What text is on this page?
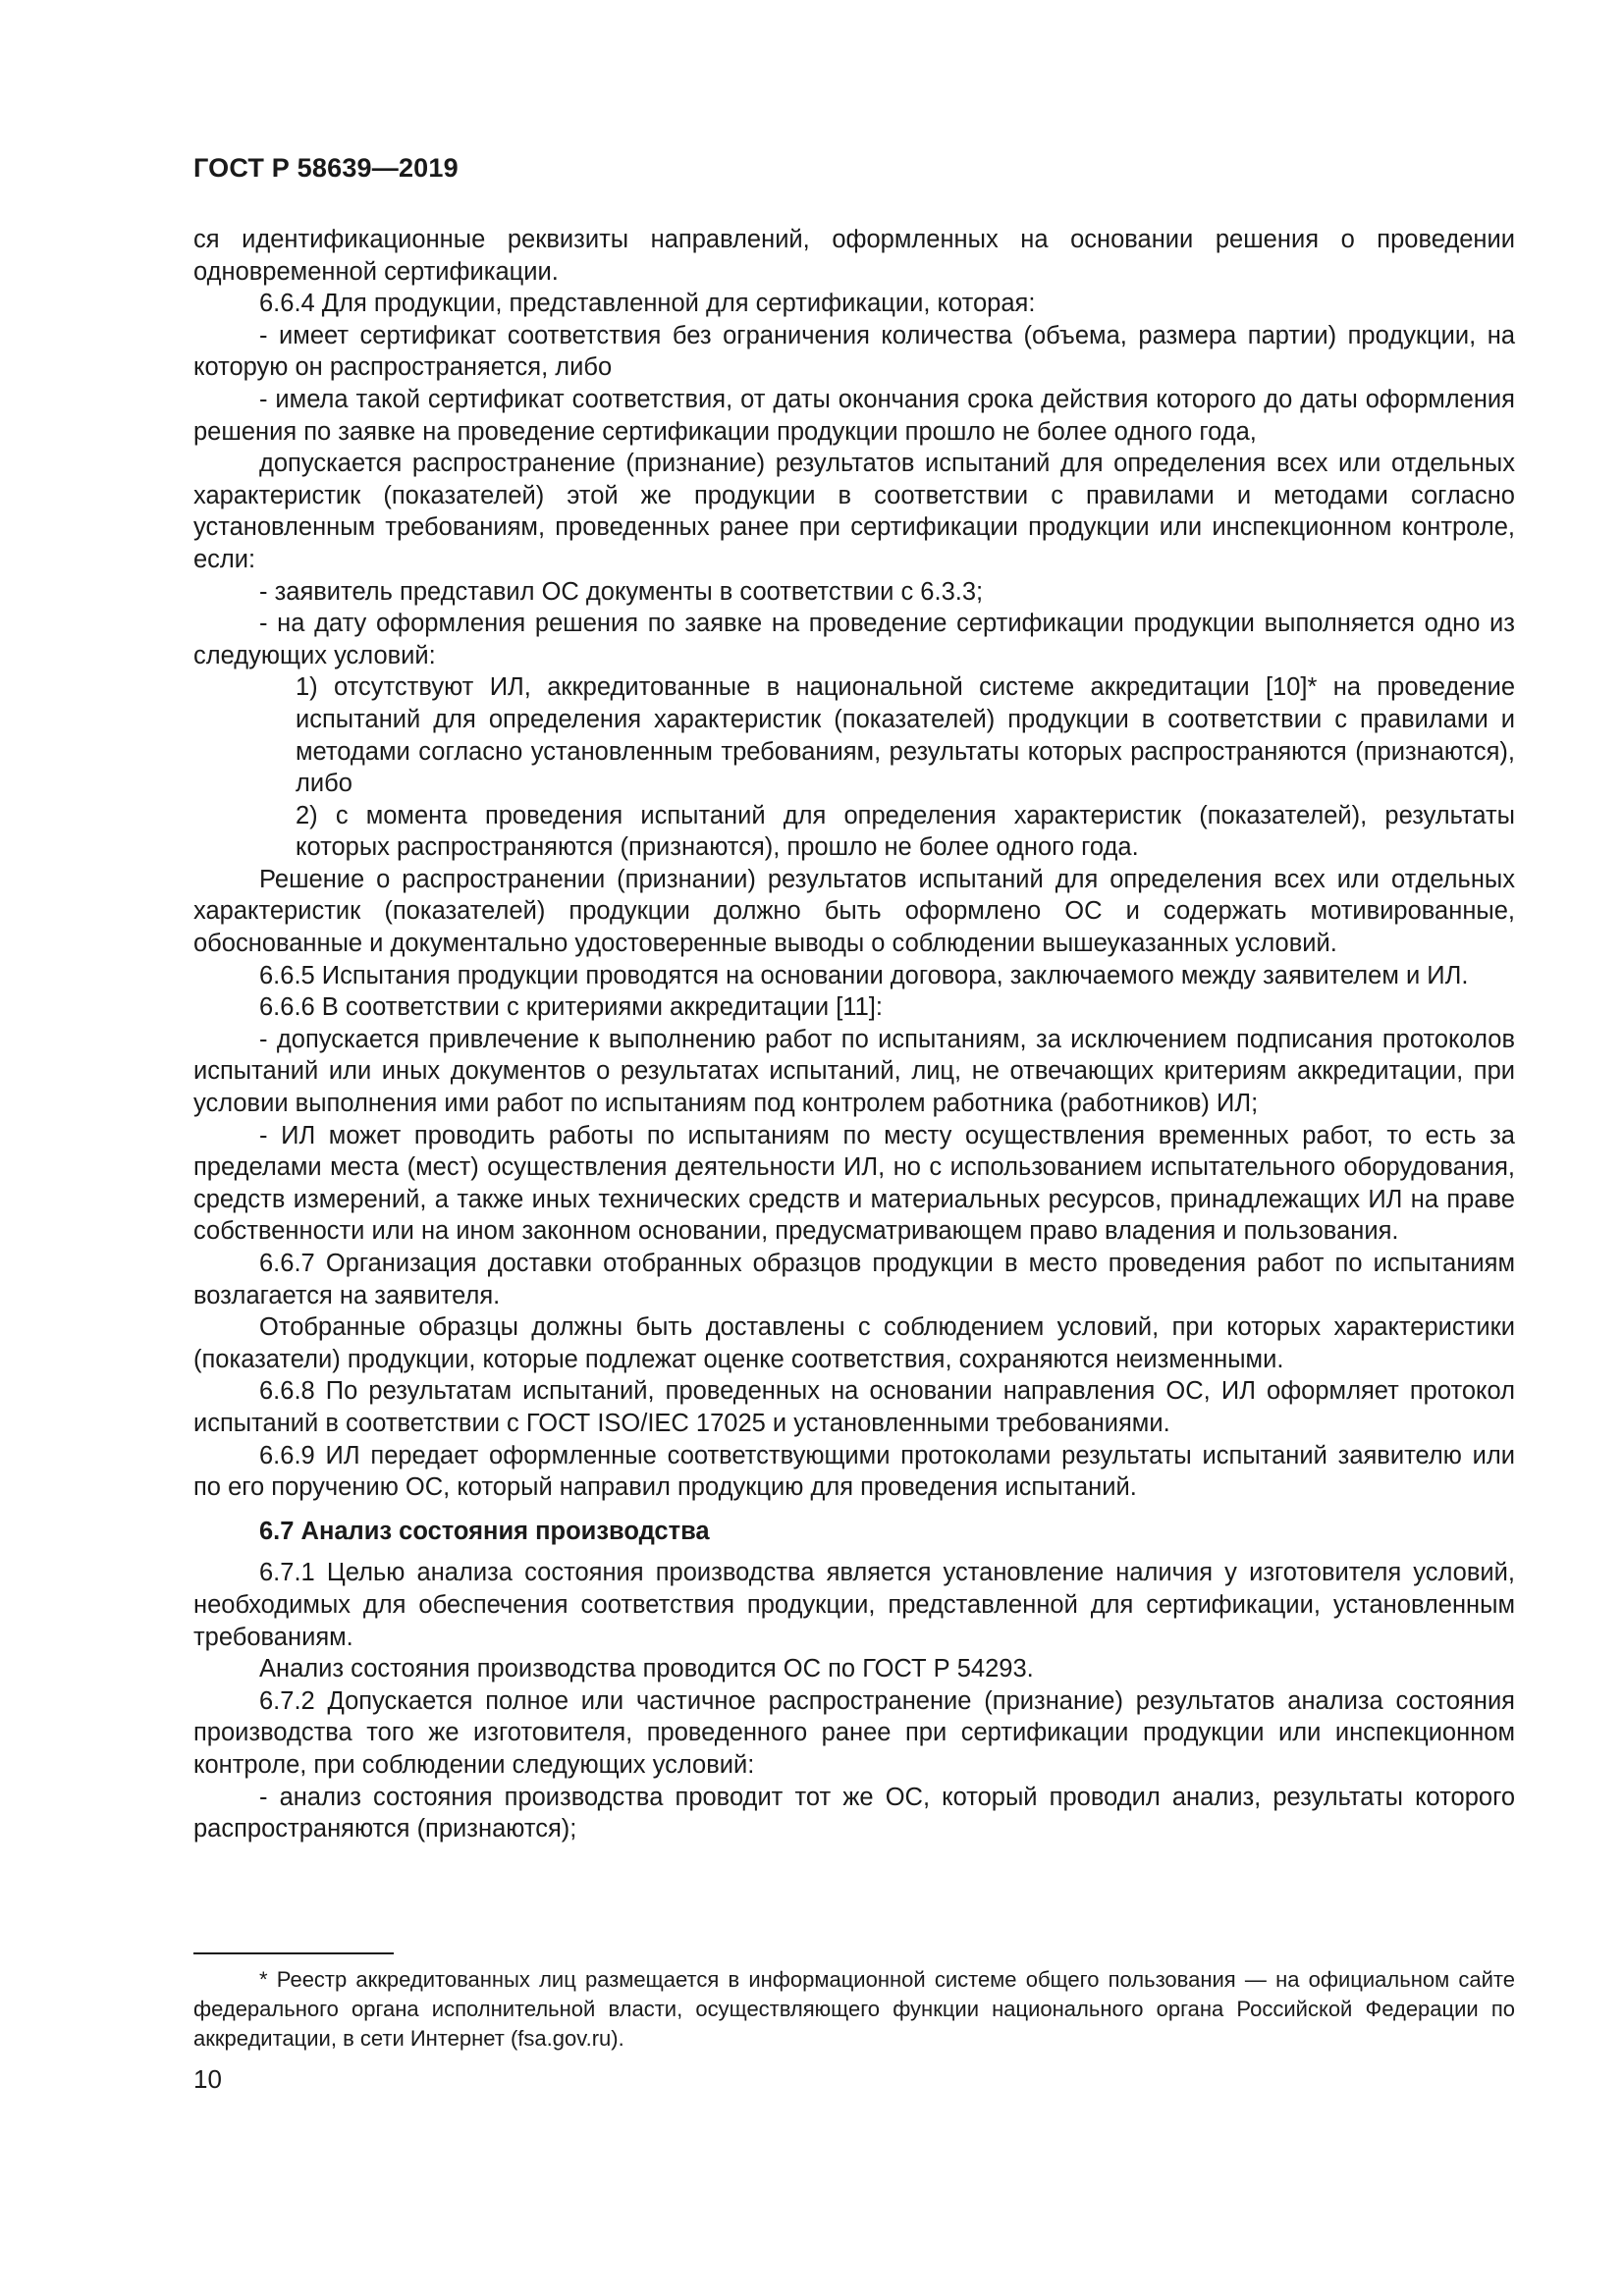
ГОСТ Р 58639—2019

ся идентификационные реквизиты направлений, оформленных на основании решения о проведении одновременной сертификации.

6.6.4 Для продукции, представленной для сертификации, которая:

- имеет сертификат соответствия без ограничения количества (объема, размера партии) продукции, на которую он распространяется, либо

- имела такой сертификат соответствия, от даты окончания срока действия которого до даты оформления решения по заявке на проведение сертификации продукции прошло не более одного года,

допускается распространение (признание) результатов испытаний для определения всех или отдельных характеристик (показателей) этой же продукции в соответствии с правилами и методами согласно установленным требованиям, проведенных ранее при сертификации продукции или инспекционном контроле, если:

- заявитель представил ОС документы в соответствии с 6.3.3;

- на дату оформления решения по заявке на проведение сертификации продукции выполняется одно из следующих условий:

1) отсутствуют ИЛ, аккредитованные в национальной системе аккредитации [10]* на проведение испытаний для определения характеристик (показателей) продукции в соответствии с правилами и методами согласно установленным требованиям, результаты которых распространяются (признаются), либо

2) с момента проведения испытаний для определения характеристик (показателей), результаты которых распространяются (признаются), прошло не более одного года.

Решение о распространении (признании) результатов испытаний для определения всех или отдельных характеристик (показателей) продукции должно быть оформлено ОС и содержать мотивированные, обоснованные и документально удостоверенные выводы о соблюдении вышеуказанных условий.

6.6.5 Испытания продукции проводятся на основании договора, заключаемого между заявителем и ИЛ.

6.6.6 В соответствии с критериями аккредитации [11]:

- допускается привлечение к выполнению работ по испытаниям, за исключением подписания протоколов испытаний или иных документов о результатах испытаний, лиц, не отвечающих критериям аккредитации, при условии выполнения ими работ по испытаниям под контролем работника (работников) ИЛ;

- ИЛ может проводить работы по испытаниям по месту осуществления временных работ, то есть за пределами места (мест) осуществления деятельности ИЛ, но с использованием испытательного оборудования, средств измерений, а также иных технических средств и материальных ресурсов, принадлежащих ИЛ на праве собственности или на ином законном основании, предусматривающем право владения и пользования.

6.6.7 Организация доставки отобранных образцов продукции в место проведения работ по испытаниям возлагается на заявителя.

Отобранные образцы должны быть доставлены с соблюдением условий, при которых характеристики (показатели) продукции, которые подлежат оценке соответствия, сохраняются неизменными.

6.6.8 По результатам испытаний, проведенных на основании направления ОС, ИЛ оформляет протокол испытаний в соответствии с ГОСТ ISO/IEC 17025 и установленными требованиями.

6.6.9 ИЛ передает оформленные соответствующими протоколами результаты испытаний заявителю или по его поручению ОС, который направил продукцию для проведения испытаний.

6.7 Анализ состояния производства

6.7.1 Целью анализа состояния производства является установление наличия у изготовителя условий, необходимых для обеспечения соответствия продукции, представленной для сертификации, установленным требованиям.

Анализ состояния производства проводится ОС по ГОСТ Р 54293.

6.7.2 Допускается полное или частичное распространение (признание) результатов анализа состояния производства того же изготовителя, проведенного ранее при сертификации продукции или инспекционном контроле, при соблюдении следующих условий:

- анализ состояния производства проводит тот же ОС, который проводил анализ, результаты которого распространяются (признаются);

* Реестр аккредитованных лиц размещается в информационной системе общего пользования — на официальном сайте федерального органа исполнительной власти, осуществляющего функции национального органа Российской Федерации по аккредитации, в сети Интернет (fsa.gov.ru).

10
